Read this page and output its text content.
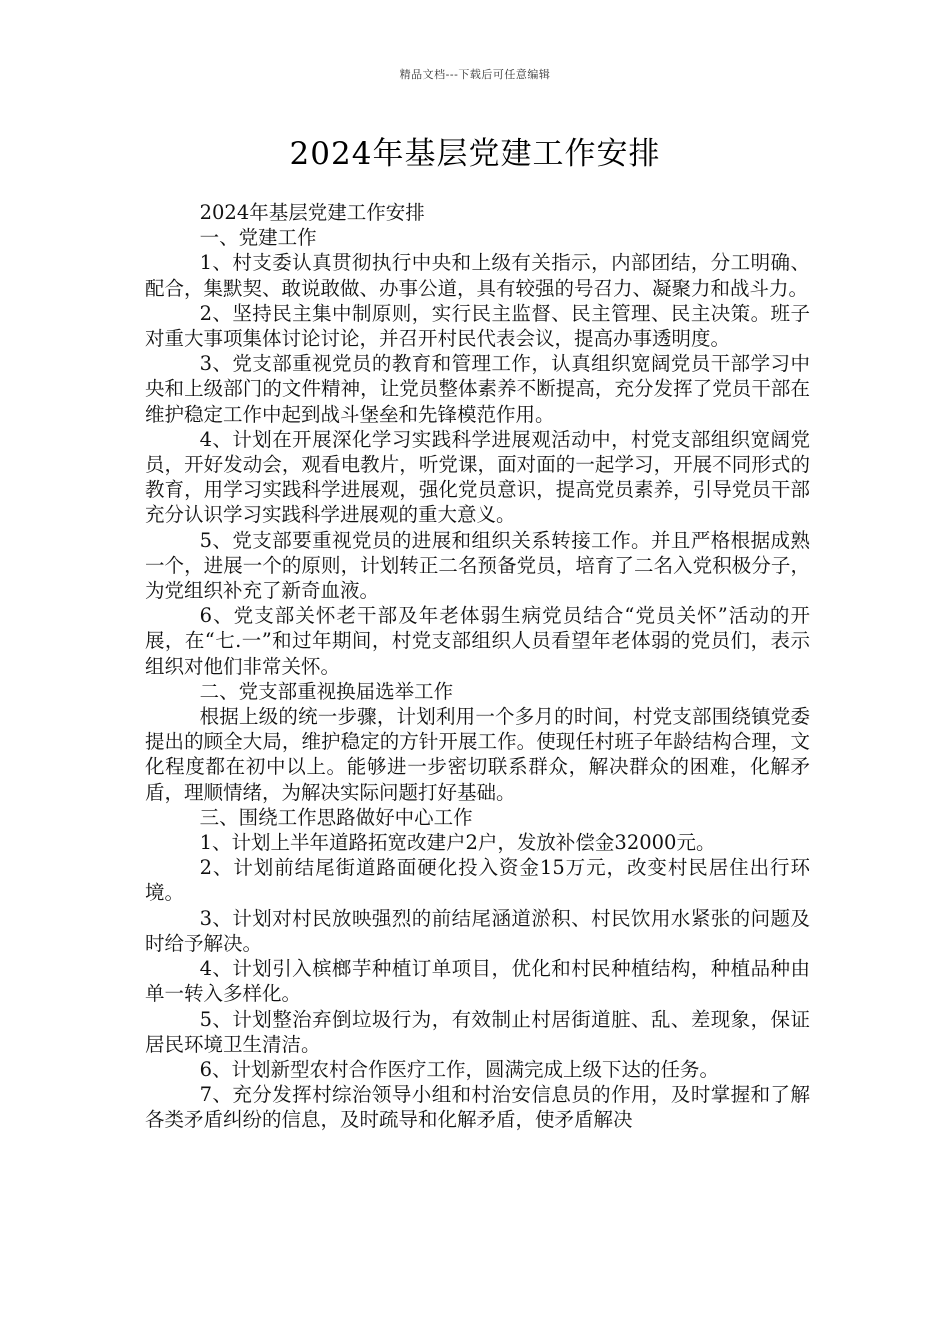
精品文档---下载后可任意编辑
2024年基层党建工作安排

2024年基层党建工作安排

一、党建工作

1、村支委认真贯彻执行中央和上级有关指示，内部团结，分工明确、配合，集默契、敢说敢做、办事公道，具有较强的号召力、凝聚力和战斗力。

2、坚持民主集中制原则，实行民主监督、民主管理、民主决策。班子对重大事项集体讨论讨论，并召开村民代表会议，提高办事透明度。

3、党支部重视党员的教育和管理工作，认真组织宽阔党员干部学习中央和上级部门的文件精神，让党员整体素养不断提高，充分发挥了党员干部在维护稳定工作中起到战斗堡垒和先锋模范作用。

4、计划在开展深化学习实践科学进展观活动中，村党支部组织宽阔党员，开好发动会，观看电教片，听党课，面对面的一起学习，开展不同形式的教育，用学习实践科学进展观，强化党员意识，提高党员素养，引导党员干部充分认识学习实践科学进展观的重大意义。

5、党支部要重视党员的进展和组织关系转接工作。并且严格根据成熟一个，进展一个的原则，计划转正二名预备党员，培育了二名入党积极分子，为党组织补充了新奇血液。

6、党支部关怀老干部及年老体弱生病党员结合“党员关怀”活动的开展，在“七.一”和过年期间，村党支部组织人员看望年老体弱的党员们，表示组织对他们非常关怀。

二、党支部重视换届选举工作

根据上级的统一步骤，计划利用一个多月的时间，村党支部围绕镇党委提出的顾全大局，维护稳定的方针开展工作。使现任村班子年龄结构合理，文化程度都在初中以上。能够进一步密切联系群众，解决群众的困难，化解矛盾，理顺情绪，为解决实际问题打好基础。

三、围绕工作思路做好中心工作

1、计划上半年道路拓宽改建户2户，发放补偿金32000元。

2、计划前结尾街道路面硬化投入资金15万元，改变村民居住出行环境。

3、计划对村民放映强烈的前结尾涵道淤积、村民饮用水紧张的问题及时给予解决。

4、计划引入槟榔芋种植订单项目，优化和村民种植结构，种植品种由单一转入多样化。

5、计划整治弃倒垃圾行为，有效制止村居街道脏、乱、差现象，保证居民环境卫生清洁。

6、计划新型农村合作医疗工作，圆满完成上级下达的任务。

7、充分发挥村综治领导小组和村治安信息员的作用，及时掌握和了解各类矛盾纠纷的信息，及时疏导和化解矛盾，使矛盾解决
